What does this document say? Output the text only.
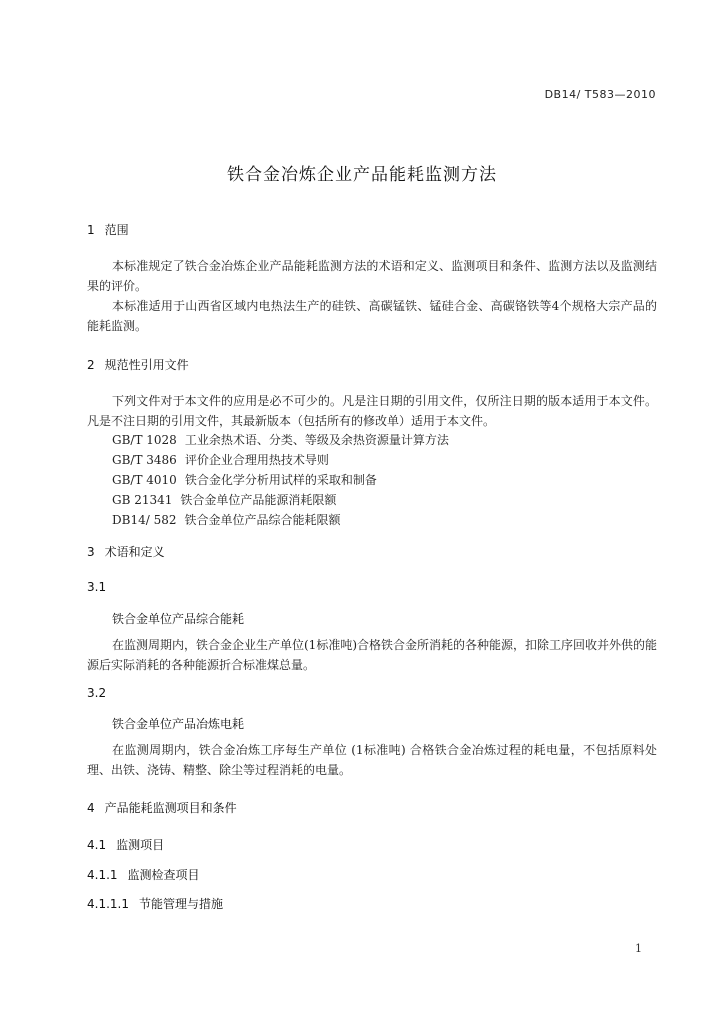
DB14/ T583—2010
铁合金冶炼企业产品能耗监测方法
1 范围

本标准规定了铁合金冶炼企业产品能耗监测方法的术语和定义、监测项目和条件、监测方法以及监测结果的评价。

本标准适用于山西省区域内电热法生产的硅铁、高碳锰铁、锰硅合金、高碳铬铁等4个规格大宗产品的能耗监测。

2 规范性引用文件

下列文件对于本文件的应用是必不可少的。凡是注日期的引用文件，仅所注日期的版本适用于本文件。凡是不注日期的引用文件，其最新版本（包括所有的修改单）适用于本文件。

GB/T 1028 工业余热术语、分类、等级及余热资源量计算方法
GB/T 3486 评价企业合理用热技术导则
GB/T 4010 铁合金化学分析用试样的采取和制备
GB 21341 铁合金单位产品能源消耗限额
DB14/ 582 铁合金单位产品综合能耗限额
3 术语和定义
3.1
铁合金单位产品综合能耗

在监测周期内，铁合金企业生产单位(1标准吨)合格铁合金所消耗的各种能源，扣除工序回收并外供的能源后实际消耗的各种能源折合标准煤总量。

3.2
铁合金单位产品冶炼电耗

在监测周期内，铁合金冶炼工序每生产单位 (1标准吨) 合格铁合金冶炼过程的耗电量，不包括原料处理、出铁、浇铸、精整、除尘等过程消耗的电量。

4 产品能耗监测项目和条件
4.1 监测项目
4.1.1 监测检查项目
4.1.1.1 节能管理与措施
1
